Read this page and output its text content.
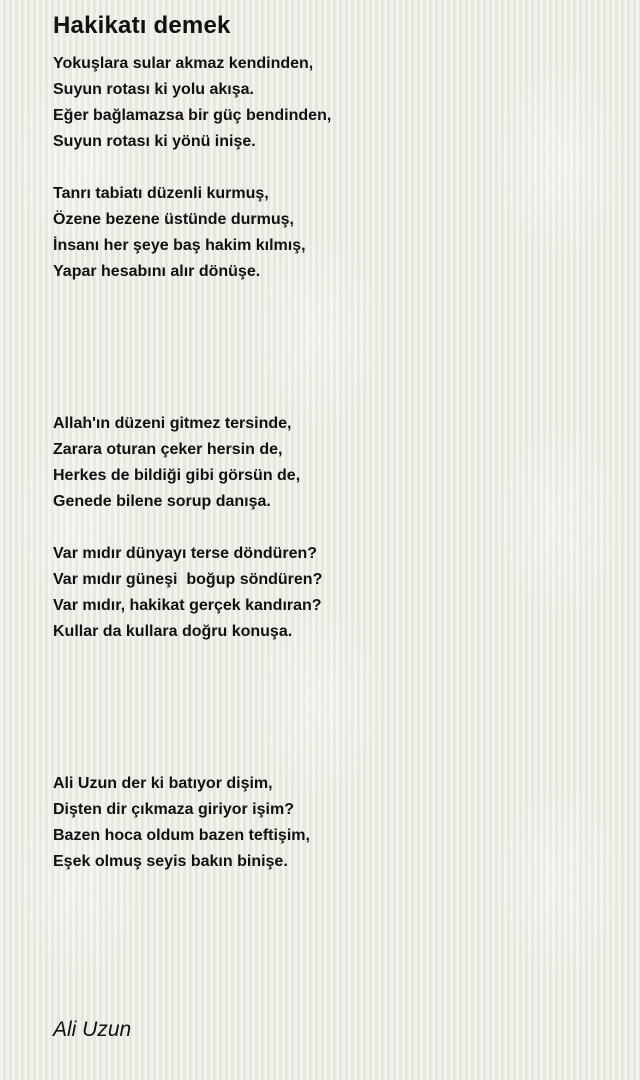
Hakikatı demek
Yokuşlara sular akmaz kendinden,
Suyun rotası ki yolu akışa.
Eğer bağlamazsa bir güç bendinden,
Suyun rotası ki yönü inişe.
Tanrı tabiatı düzenli kurmuş,
Özene bezene üstünde durmuş,
İnsanı her şeye baş hakim kılmış,
Yapar hesabını alır dönüşe.
Allah'ın düzeni gitmez tersinde,
Zarara oturan çeker hersin de,
Herkes de bildiği gibi görsün de,
Genede bilene sorup danışa.
Var mıdır dünyayı terse döndüren?
Var mıdır güneşi  boğup söndüren?
Var mıdır, hakikat gerçek kandıran?
Kullar da kullara doğru konuşa.
Ali Uzun der ki batıyor dişim,
Dişten dir çıkmaza giriyor işim?
Bazen hoca oldum bazen teftişim,
Eşek olmuş seyis bakın binişe.
Ali Uzun
